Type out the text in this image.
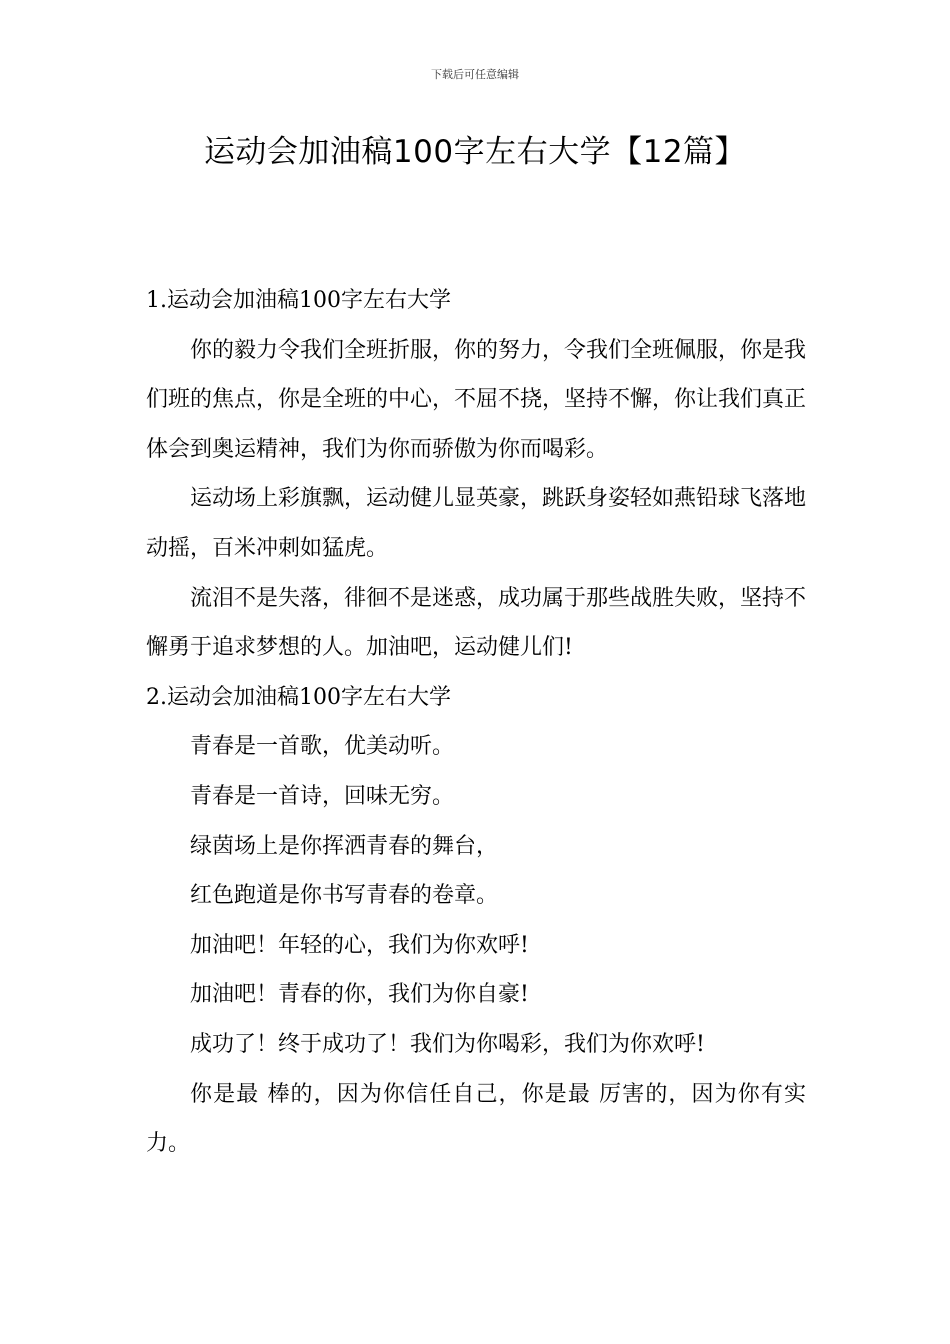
下载后可任意编辑
运动会加油稿100字左右大学【12篇】

1.运动会加油稿100字左右大学

你的毅力令我们全班折服，你的努力，令我们全班佩服，你是我们班的焦点，你是全班的中心，不屈不挠，坚持不懈，你让我们真正体会到奥运精神，我们为你而骄傲为你而喝彩。

运动场上彩旗飘，运动健儿显英豪，跳跃身姿轻如燕铅球飞落地动摇，百米冲刺如猛虎。

流泪不是失落，徘徊不是迷惑，成功属于那些战胜失败，坚持不懈勇于追求梦想的人。加油吧，运动健儿们!

2.运动会加油稿100字左右大学

青春是一首歌，优美动听。

青春是一首诗，回味无穷。

绿茵场上是你挥洒青春的舞台，

红色跑道是你书写青春的卷章。

加油吧！年轻的心，我们为你欢呼!

加油吧！青春的你，我们为你自豪!

成功了！终于成功了！我们为你喝彩，我们为你欢呼!

你是最 棒的，因为你信任自己，你是最 厉害的，因为你有实力。
